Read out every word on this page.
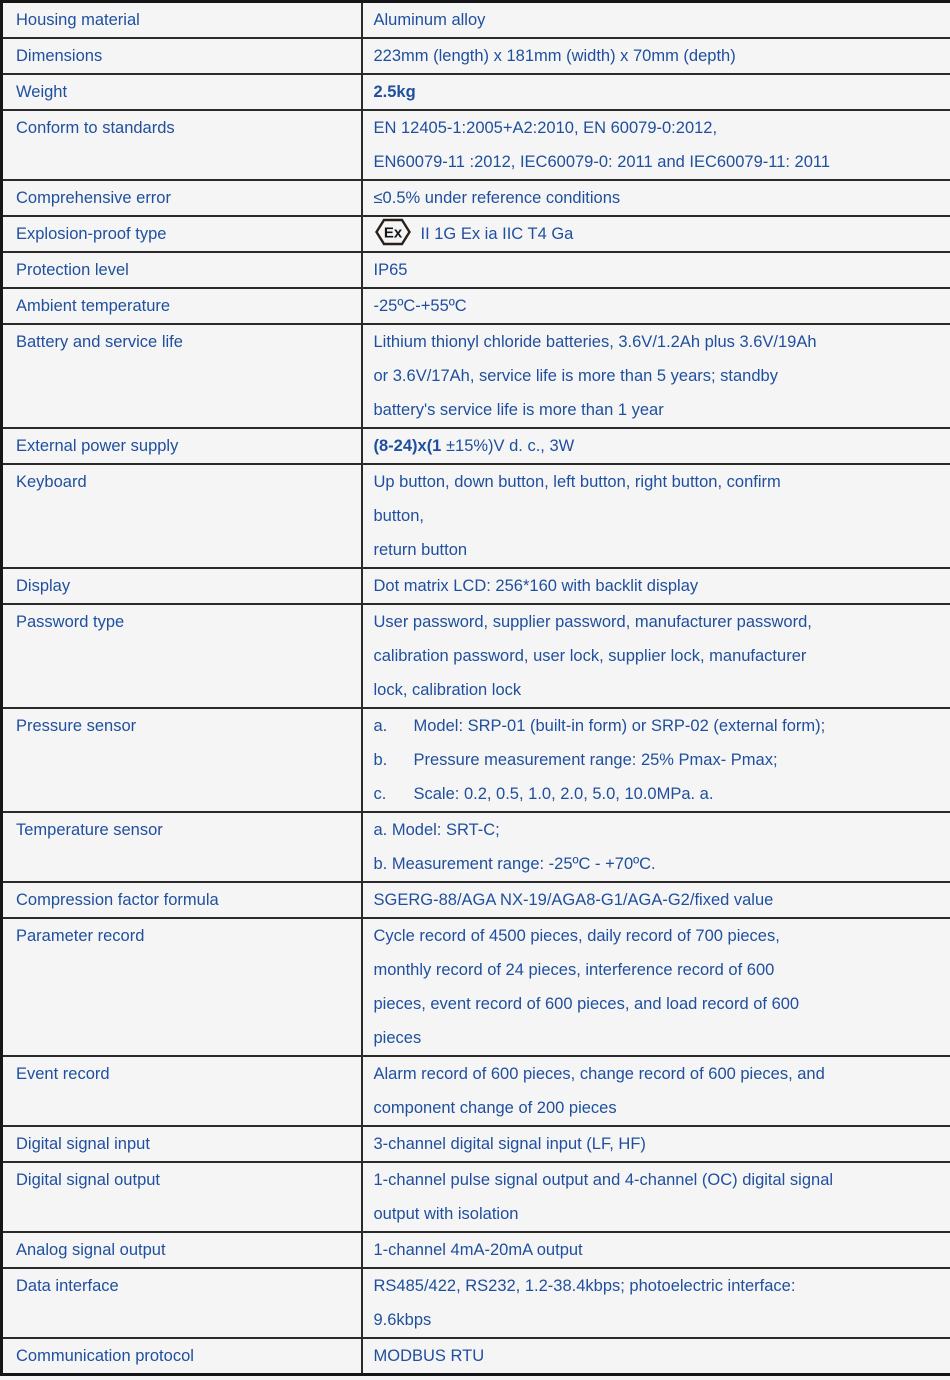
Housing material	Aluminum alloy
Dimensions	223mm (length) x 181mm (width) x 70mm (depth)
Weight	2.5kg
Conform to standards	EN 12405-1:2005+A2:2010, EN 60079-0:2012,
EN60079-11 :2012, IEC60079-0: 2011 and IEC60079-11: 2011

Comprehensive error	≤0.5% under reference conditions
Explosion-proof type	Ex II 1G Ex ia IIC T4 Ga
Protection level	IP65
Ambient temperature	-25ºC-+55ºC
Battery and service life	Lithium thionyl chloride batteries, 3.6V/1.2Ah plus 3.6V/19Ah
or 3.6V/17Ah, service life is more than 5 years; standby
battery's service life is more than 1 year

External power supply	(8-24)x(1 ±15%)V d. c., 3W
Keyboard	Up button, down button, left button, right button, confirm
button,
return button

Display	Dot matrix LCD: 256*160 with backlit display
Password type	User password, supplier password, manufacturer password,
calibration password, user lock, supplier lock, manufacturer
lock, calibration lock

Pressure sensor	a. Model: SRP-01 (built-in form) or SRP-02 (external form);
b. Pressure measurement range: 25% Pmax- Pmax;
c. Scale: 0.2, 0.5, 1.0, 2.0, 5.0, 10.0MPa. a.

Temperature sensor	a. Model: SRT-C;
b. Measurement range: -25ºC - +70ºC.

Compression factor formula	SGERG-88/AGA NX-19/AGA8-G1/AGA-G2/fixed value
Parameter record	Cycle record of 4500 pieces, daily record of 700 pieces,
monthly record of 24 pieces, interference record of 600
pieces, event record of 600 pieces, and load record of 600
pieces

Event record	Alarm record of 600 pieces, change record of 600 pieces, and
component change of 200 pieces

Digital signal input	3-channel digital signal input (LF, HF)
Digital signal output	1-channel pulse signal output and 4-channel (OC) digital signal
output with isolation

Analog signal output	1-channel 4mA-20mA output
Data interface	RS485/422, RS232, 1.2-38.4kbps; photoelectric interface:
9.6kbps

Communication protocol	MODBUS RTU
